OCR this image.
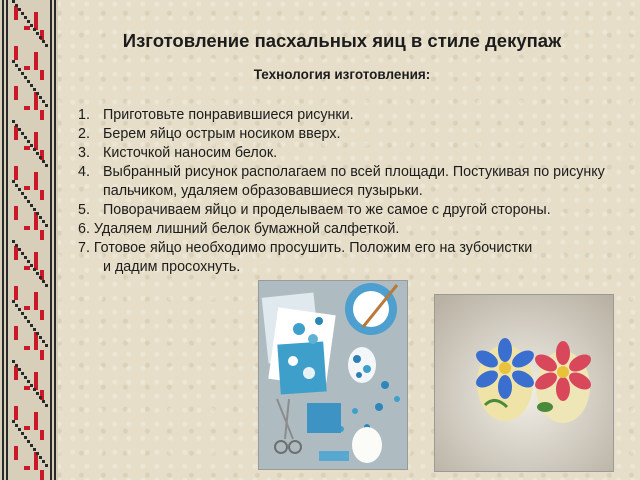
Изготовление пасхальных яиц в стиле декупаж
Технология изготовления:
1. Приготовьте понравившиеся рисунки.
2. Берем яйцо острым носиком вверх.
3. Кисточкой наносим белок.
4. Выбранный рисунок располагаем по всей площади. Постукивая по рисунку пальчиком, удаляем образовавшиеся пузырьки.
5. Поворачиваем яйцо и проделываем то же самое с другой стороны.
6. Удаляем лишний белок бумажной салфеткой.
7. Готовое яйцо необходимо просушить. Положим его на зубочистки
и дадим просохнуть.
